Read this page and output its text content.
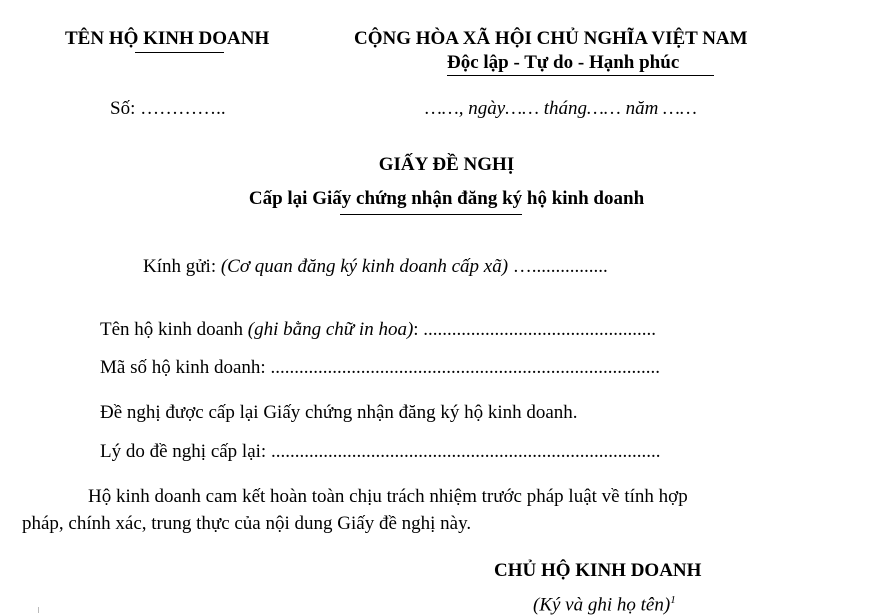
TÊN HỘ KINH DOANH	CỘNG HÒA XÃ HỘI CHỦ NGHĨA VIỆT NAM
Độc lập - Tự do - Hạnh phúc
Số: …………..	……, ngày…… tháng…… năm ……
GIẤY ĐỀ NGHỊ
Cấp lại Giấy chứng nhận đăng ký hộ kinh doanh
Kính gửi: (Cơ quan đăng ký kinh doanh cấp xã) …................
Tên hộ kinh doanh (ghi bằng chữ in hoa): .................................................
Mã số hộ kinh doanh: ..................................................................................
Đề nghị được cấp lại Giấy chứng nhận đăng ký hộ kinh doanh.
Lý do đề nghị cấp lại: ..................................................................................
Hộ kinh doanh cam kết hoàn toàn chịu trách nhiệm trước pháp luật về tính hợp
pháp, chính xác, trung thực của nội dung Giấy đề nghị này.
CHỦ HỘ KINH DOANH
(Ký và ghi họ tên)$^1$
